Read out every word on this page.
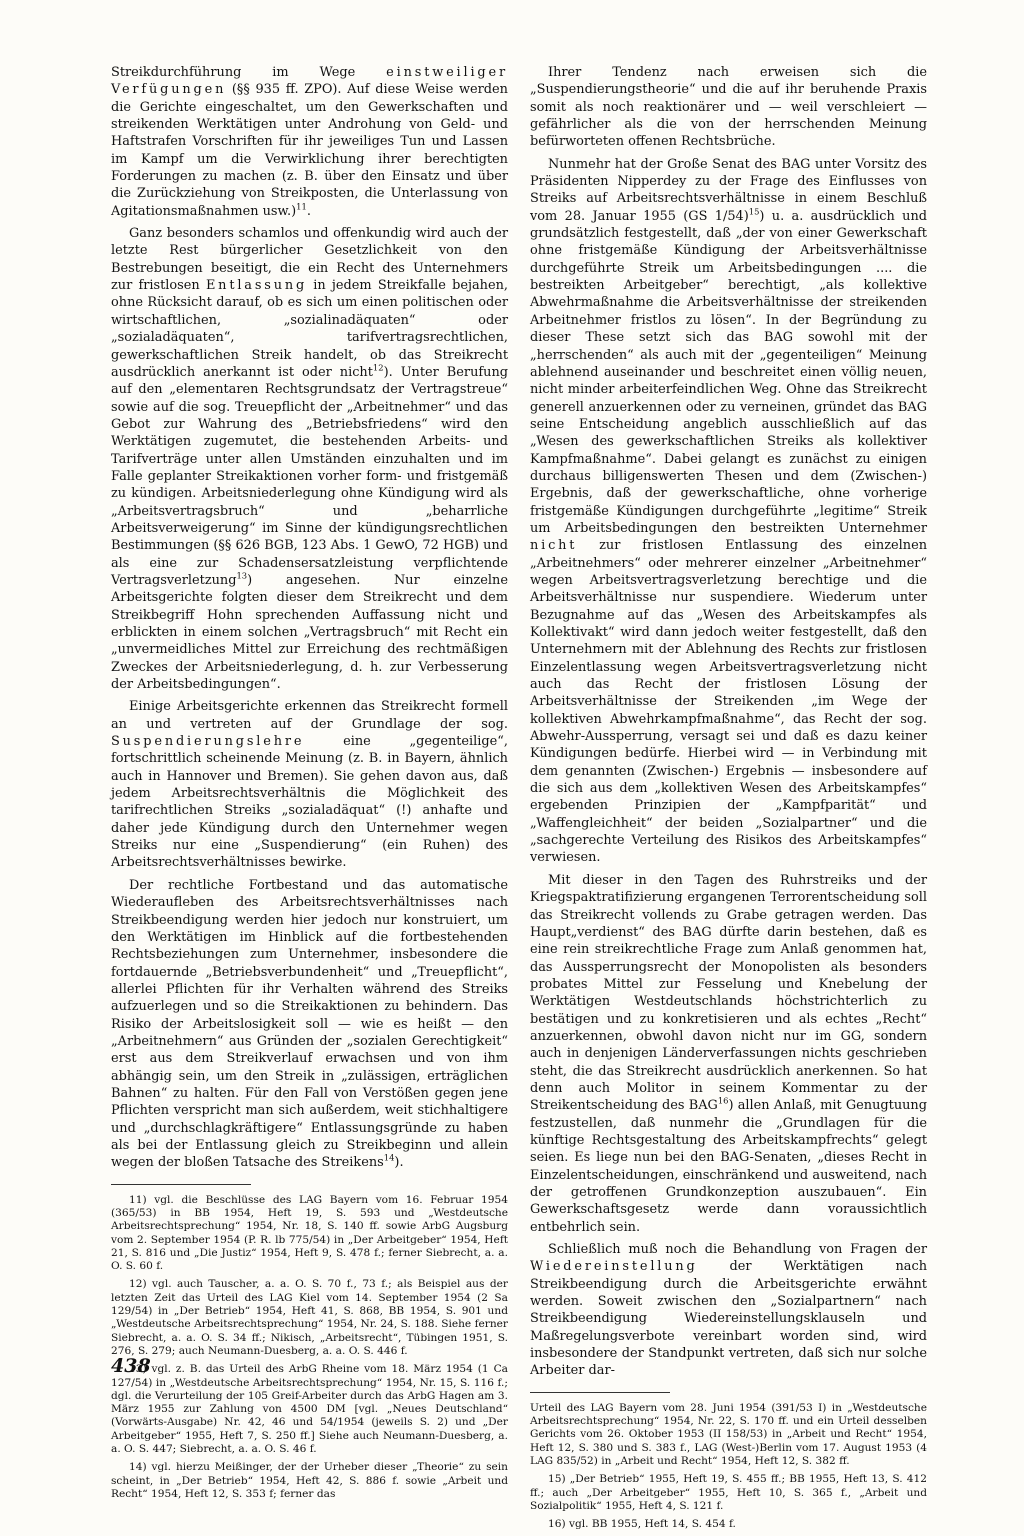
Streikdurchführung im Wege einstweiliger Verfügungen (§§ 935 ff. ZPO). Auf diese Weise werden die Gerichte eingeschaltet, um den Gewerkschaften und streikenden Werktätigen unter Androhung von Geld- und Haftstrafen Vorschriften für ihr jeweiliges Tun und Lassen im Kampf um die Verwirklichung ihrer berechtigten Forderungen zu machen (z. B. über den Einsatz und über die Zurückziehung von Streikposten, die Unterlassung von Agitationsmaßnahmen usw.)$^{11}$.

Ganz besonders schamlos und offenkundig wird auch der letzte Rest bürgerlicher Gesetzlichkeit von den Bestrebungen beseitigt, die ein Recht des Unternehmers zur fristlosen Entlassung in jedem Streikfalle bejahen, ohne Rücksicht darauf, ob es sich um einen politischen oder wirtschaftlichen, „sozialinadäquaten“ oder „sozialadäquaten“, tarifvertragsrechtlichen, gewerkschaftlichen Streik handelt, ob das Streikrecht ausdrücklich anerkannt ist oder nicht$^{12}$). Unter Berufung auf den „elementaren Rechtsgrundsatz der Vertragstreue“ sowie auf die sog. Treuepflicht der „Arbeitnehmer“ und das Gebot zur Wahrung des „Betriebsfriedens“ wird den Werktätigen zugemutet, die bestehenden Arbeits- und Tarifverträge unter allen Umständen einzuhalten und im Falle geplanter Streikaktionen vorher form- und fristgemäß zu kündigen. Arbeitsniederlegung ohne Kündigung wird als „Arbeitsvertragsbruch“ und „beharrliche Arbeitsverweigerung“ im Sinne der kündigungsrechtlichen Bestimmungen (§§ 626 BGB, 123 Abs. 1 GewO, 72 HGB) und als eine zur Schadensersatzleistung verpflichtende Vertragsverletzung$^{13}$) angesehen. Nur einzelne Arbeitsgerichte folgten dieser dem Streikrecht und dem Streikbegriff Hohn sprechenden Auffassung nicht und erblickten in einem solchen „Vertragsbruch“ mit Recht ein „unvermeidliches Mittel zur Erreichung des rechtmäßigen Zweckes der Arbeitsniederlegung, d. h. zur Verbesserung der Arbeitsbedingungen“.

Einige Arbeitsgerichte erkennen das Streikrecht formell an und vertreten auf der Grundlage der sog. Suspendierungslehre eine „gegenteilige“, fortschrittlich scheinende Meinung (z. B. in Bayern, ähnlich auch in Hannover und Bremen). Sie gehen davon aus, daß jedem Arbeitsrechtsverhältnis die Möglichkeit des tarifrechtlichen Streiks „sozialadäquat“ (!) anhafte und daher jede Kündigung durch den Unternehmer wegen Streiks nur eine „Suspendierung“ (ein Ruhen) des Arbeitsrechtsverhältnisses bewirke.

Der rechtliche Fortbestand und das automatische Wiederaufleben des Arbeitsrechtsverhältnisses nach Streikbeendigung werden hier jedoch nur konstruiert, um den Werktätigen im Hinblick auf die fortbestehenden Rechtsbeziehungen zum Unternehmer, insbesondere die fortdauernde „Betriebsverbundenheit“ und „Treuepflicht“, allerlei Pflichten für ihr Verhalten während des Streiks aufzuerlegen und so die Streikaktionen zu behindern. Das Risiko der Arbeitslosigkeit soll — wie es heißt — den „Arbeitnehmern“ aus Gründen der „sozialen Gerechtigkeit“ erst aus dem Streikverlauf erwachsen und von ihm abhängig sein, um den Streik in „zulässigen, erträglichen Bahnen“ zu halten. Für den Fall von Verstößen gegen jene Pflichten verspricht man sich außerdem, weit stichhaltigere und „durchschlagkräftigere“ Entlassungsgründe zu haben als bei der Entlassung gleich zu Streikbeginn und allein wegen der bloßen Tatsache des Streikens$^{14}$).

11) vgl. die Beschlüsse des LAG Bayern vom 16. Februar 1954 (365/53) in BB 1954, Heft 19, S. 593 und „Westdeutsche Arbeitsrechtsprechung“ 1954, Nr. 18, S. 140 ff. sowie ArbG Augsburg vom 2. September 1954 (P. R. lb 775/54) in „Der Arbeitgeber“ 1954, Heft 21, S. 816 und „Die Justiz“ 1954, Heft 9, S. 478 f.; ferner Siebrecht, a. a. O. S. 60 f.

12) vgl. auch Tauscher, a. a. O. S. 70 f., 73 f.; als Beispiel aus der letzten Zeit das Urteil des LAG Kiel vom 14. September 1954 (2 Sa 129/54) in „Der Betrieb“ 1954, Heft 41, S. 868, BB 1954, S. 901 und „Westdeutsche Arbeitsrechtsprechung“ 1954, Nr. 24, S. 188. Siehe ferner Siebrecht, a. a. O. S. 34 ff.; Nikisch, „Arbeitsrecht“, Tübingen 1951, S. 276, S. 279; auch Neumann-Duesberg, a. a. O. S. 446 f.

13) vgl. z. B. das Urteil des ArbG Rheine vom 18. März 1954 (1 Ca 127/54) in „Westdeutsche Arbeitsrechtsprechung“ 1954, Nr. 15, S. 116 f.; dgl. die Verurteilung der 105 Greif-Arbeiter durch das ArbG Hagen am 3. März 1955 zur Zahlung von 4500 DM [vgl. „Neues Deutschland“ (Vorwärts-Ausgabe) Nr. 42, 46 und 54/1954 (jeweils S. 2) und „Der Arbeitgeber“ 1955, Heft 7, S. 250 ff.] Siehe auch Neumann-Duesberg, a. a. O. S. 447; Siebrecht, a. a. O. S. 46 f.

14) vgl. hierzu Meißinger, der der Urheber dieser „Theorie“ zu sein scheint, in „Der Betrieb“ 1954, Heft 42, S. 886 f. sowie „Arbeit und Recht“ 1954, Heft 12, S. 353 f; ferner das

Ihrer Tendenz nach erweisen sich die „Suspendierungstheorie“ und die auf ihr beruhende Praxis somit als noch reaktionärer und — weil verschleiert — gefährlicher als die von der herrschenden Meinung befürworteten offenen Rechtsbrüche.

Nunmehr hat der Große Senat des BAG unter Vorsitz des Präsidenten Nipperdey zu der Frage des Einflusses von Streiks auf Arbeitsrechtsverhältnisse in einem Beschluß vom 28. Januar 1955 (GS 1/54)$^{15}$) u. a. ausdrücklich und grundsätzlich festgestellt, daß „der von einer Gewerkschaft ohne fristgemäße Kündigung der Arbeitsverhältnisse durchgeführte Streik um Arbeitsbedingungen .... die bestreikten Arbeitgeber“ berechtigt, „als kollektive Abwehrmaßnahme die Arbeitsverhältnisse der streikenden Arbeitnehmer fristlos zu lösen“. In der Begründung zu dieser These setzt sich das BAG sowohl mit der „herrschenden“ als auch mit der „gegenteiligen“ Meinung ablehnend auseinander und beschreitet einen völlig neuen, nicht minder arbeiterfeindlichen Weg. Ohne das Streikrecht generell anzuerkennen oder zu verneinen, gründet das BAG seine Entscheidung angeblich ausschließlich auf das „Wesen des gewerkschaftlichen Streiks als kollektiver Kampfmaßnahme“. Dabei gelangt es zunächst zu einigen durchaus billigenswerten Thesen und dem (Zwischen-) Ergebnis, daß der gewerkschaftliche, ohne vorherige fristgemäße Kündigungen durchgeführte „legitime“ Streik um Arbeitsbedingungen den bestreikten Unternehmer nicht zur fristlosen Entlassung des einzelnen „Arbeitnehmers“ oder mehrerer einzelner „Arbeitnehmer“ wegen Arbeitsvertragsverletzung berechtige und die Arbeitsverhältnisse nur suspendiere. Wiederum unter Bezugnahme auf das „Wesen des Arbeitskampfes als Kollektivakt“ wird dann jedoch weiter festgestellt, daß den Unternehmern mit der Ablehnung des Rechts zur fristlosen Einzelentlassung wegen Arbeitsvertragsverletzung nicht auch das Recht der fristlosen Lösung der Arbeitsverhältnisse der Streikenden „im Wege der kollektiven Abwehrkampfmaßnahme“, das Recht der sog. Abwehr-Aussperrung, versagt sei und daß es dazu keiner Kündigungen bedürfe. Hierbei wird — in Verbindung mit dem genannten (Zwischen-) Ergebnis — insbesondere auf die sich aus dem „kollektiven Wesen des Arbeitskampfes“ ergebenden Prinzipien der „Kampfparität“ und „Waffengleichheit“ der beiden „Sozialpartner“ und die „sachgerechte Verteilung des Risikos des Arbeitskampfes“ verwiesen.

Mit dieser in den Tagen des Ruhrstreiks und der Kriegspaktratifizierung ergangenen Terrorentscheidung soll das Streikrecht vollends zu Grabe getragen werden. Das Haupt„verdienst“ des BAG dürfte darin bestehen, daß es eine rein streikrechtliche Frage zum Anlaß genommen hat, das Aussperrungsrecht der Monopolisten als besonders probates Mittel zur Fesselung und Knebelung der Werktätigen Westdeutschlands höchstrichterlich zu bestätigen und zu konkretisieren und als echtes „Recht“ anzuerkennen, obwohl davon nicht nur im GG, sondern auch in denjenigen Länderverfassungen nichts geschrieben steht, die das Streikrecht ausdrücklich anerkennen. So hat denn auch Molitor in seinem Kommentar zu der Streikentscheidung des BAG$^{16}$) allen Anlaß, mit Genugtuung festzustellen, daß nunmehr die „Grundlagen für die künftige Rechtsgestaltung des Arbeitskampfrechts“ gelegt seien. Es liege nun bei den BAG-Senaten, „dieses Recht in Einzelentscheidungen, einschränkend und ausweitend, nach der getroffenen Grundkonzeption auszubauen“. Ein Gewerkschaftsgesetz werde dann voraussichtlich entbehrlich sein.

Schließlich muß noch die Behandlung von Fragen der Wiedereinstellung der Werktätigen nach Streikbeendigung durch die Arbeitsgerichte erwähnt werden. Soweit zwischen den „Sozialpartnern“ nach Streikbeendigung Wiedereinstellungsklauseln und Maßregelungsverbote vereinbart worden sind, wird insbesondere der Standpunkt vertreten, daß sich nur solche Arbeiter dar-

Urteil des LAG Bayern vom 28. Juni 1954 (391/53 I) in „Westdeutsche Arbeitsrechtsprechung“ 1954, Nr. 22, S. 170 ff. und ein Urteil desselben Gerichts vom 26. Oktober 1953 (II 158/53) in „Arbeit und Recht“ 1954, Heft 12, S. 380 und S. 383 f., LAG (West-)Berlin vom 17. August 1953 (4 LAG 835/52) in „Arbeit und Recht“ 1954, Heft 12, S. 382 ff.

15) „Der Betrieb“ 1955, Heft 19, S. 455 ff.; BB 1955, Heft 13, S. 412 ff.; auch „Der Arbeitgeber“ 1955, Heft 10, S. 365 f., „Arbeit und Sozialpolitik“ 1955, Heft 4, S. 121 f.

16) vgl. BB 1955, Heft 14, S. 454 f.

438
